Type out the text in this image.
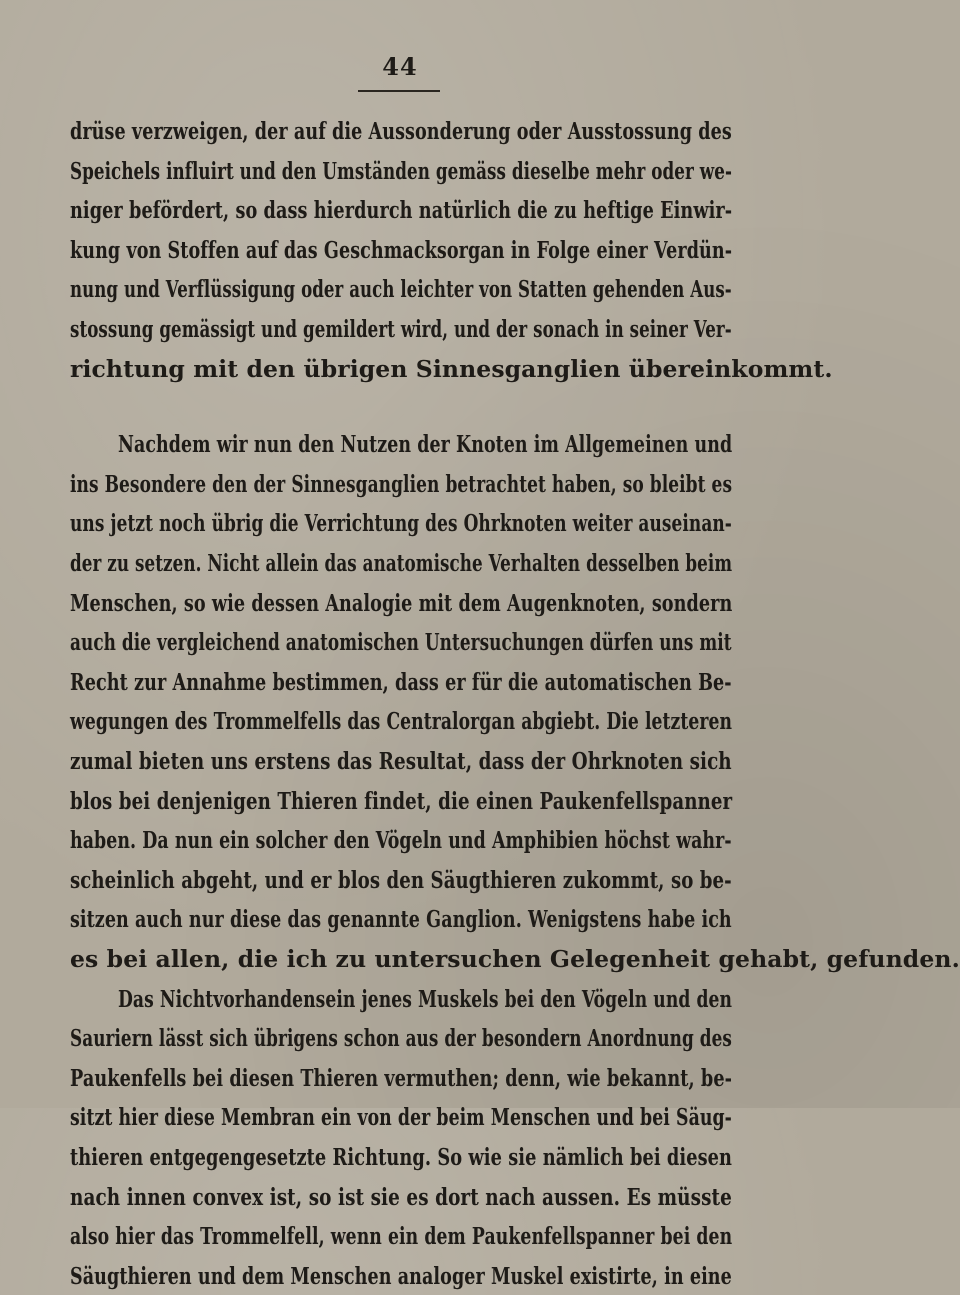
44
drüse verzweigen, der auf die Aussonderung oder Ausstossung des
Speichels influirt und den Umständen gemäss dieselbe mehr oder we-
niger befördert, so dass hierdurch natürlich die zu heftige Einwir-
kung von Stoffen auf das Geschmacksorgan in Folge einer Verdün-
nung und Verflüssigung oder auch leichter von Statten gehenden Aus-
stossung gemässigt und gemildert wird, und der sonach in seiner Ver-
richtung mit den übrigen Sinnesganglien übereinkommt.
Nachdem wir nun den Nutzen der Knoten im Allgemeinen und
ins Besondere den der Sinnesganglien betrachtet haben, so bleibt es
uns jetzt noch übrig die Verrichtung des Ohrknoten weiter auseinan-
der zu setzen. Nicht allein das anatomische Verhalten desselben beim
Menschen, so wie dessen Analogie mit dem Augenknoten, sondern
auch die vergleichend anatomischen Untersuchungen dürfen uns mit
Recht zur Annahme bestimmen, dass er für die automatischen Be-
wegungen des Trommelfells das Centralorgan abgiebt. Die letzteren
zumal bieten uns erstens das Resultat, dass der Ohrknoten sich
blos bei denjenigen Thieren findet, die einen Paukenfellspanner
haben. Da nun ein solcher den Vögeln und Amphibien höchst wahr-
scheinlich abgeht, und er blos den Säugthieren zukommt, so be-
sitzen auch nur diese das genannte Ganglion. Wenigstens habe ich
es bei allen, die ich zu untersuchen Gelegenheit gehabt, gefunden.
Das Nichtvorhandensein jenes Muskels bei den Vögeln und den
Sauriern lässt sich übrigens schon aus der besondern Anordnung des
Paukenfells bei diesen Thieren vermuthen; denn, wie bekannt, be-
sitzt hier diese Membran ein von der beim Menschen und bei Säug-
thieren entgegengesetzte Richtung. So wie sie nämlich bei diesen
nach innen convex ist, so ist sie es dort nach aussen. Es müsste
also hier das Trommelfell, wenn ein dem Paukenfellspanner bei den
Säugthieren und dem Menschen analoger Muskel existirte, in eine
